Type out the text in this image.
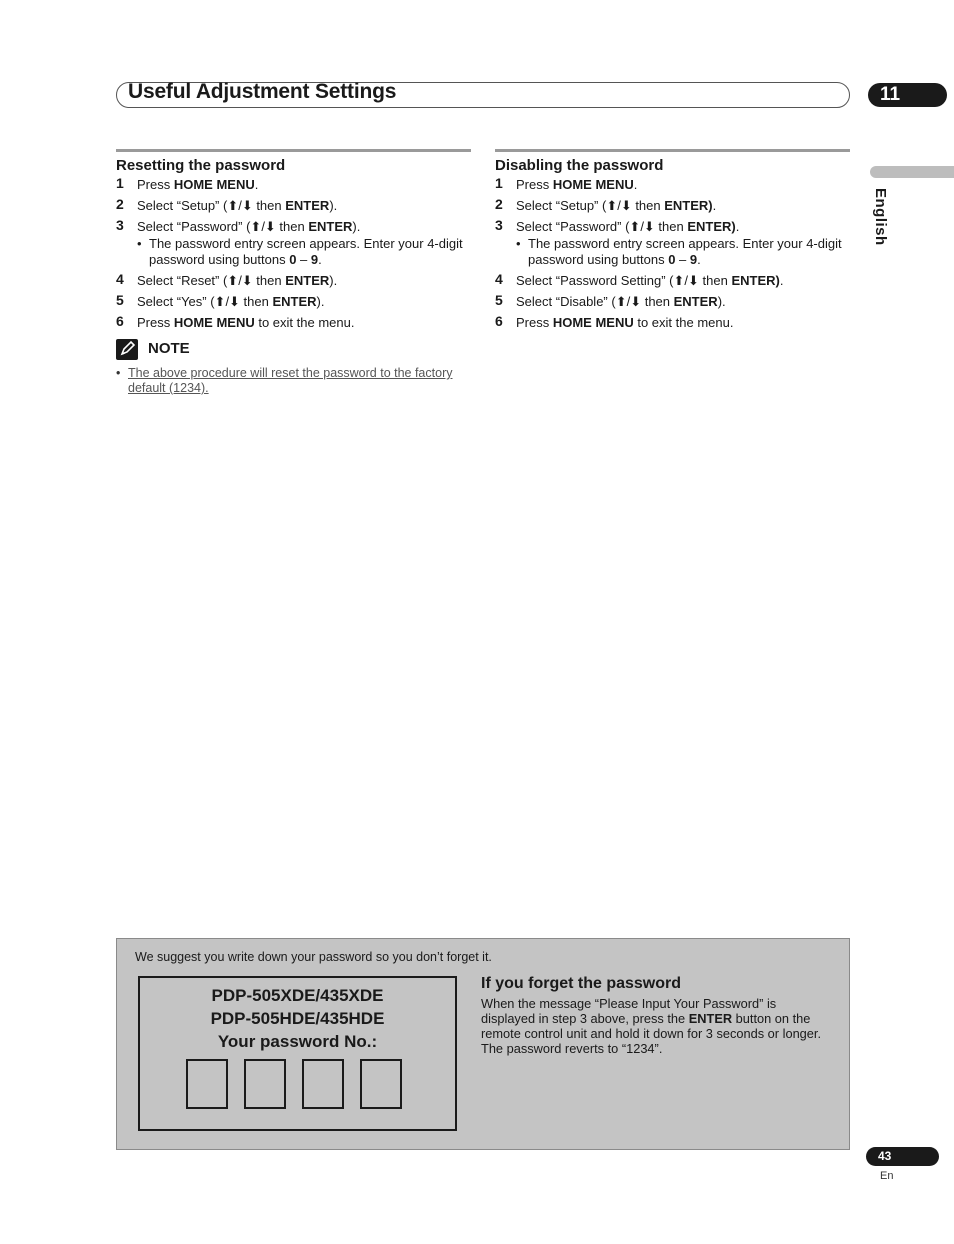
Useful Adjustment Settings	11
English
Resetting the password
1 Press HOME MENU.
2 Select “Setup” (⬆/⬇ then ENTER).
3 Select “Password” (⬆/⬇ then ENTER).
• The password entry screen appears. Enter your 4-digit password using buttons 0 – 9.
4 Select “Reset” (⬆/⬇ then ENTER).
5 Select “Yes” (⬆/⬇ then ENTER).
6 Press HOME MENU to exit the menu.
NOTE
• The above procedure will reset the password to the factory default (1234).
Disabling the password
1 Press HOME MENU.
2 Select “Setup” (⬆/⬇ then ENTER).
3 Select “Password” (⬆/⬇ then ENTER).
• The password entry screen appears. Enter your 4-digit password using buttons 0 – 9.
4 Select “Password Setting” (⬆/⬇ then ENTER).
5 Select “Disable” (⬆/⬇ then ENTER).
6 Press HOME MENU to exit the menu.
We suggest you write down your password so you don’t forget it.
PDP-505XDE/435XDE
PDP-505HDE/435HDE
Your password No.:
If you forget the password
When the message “Please Input Your Password” is displayed in step 3 above, press the ENTER button on the remote control unit and hold it down for 3 seconds or longer.
The password reverts to “1234”.
43
En
